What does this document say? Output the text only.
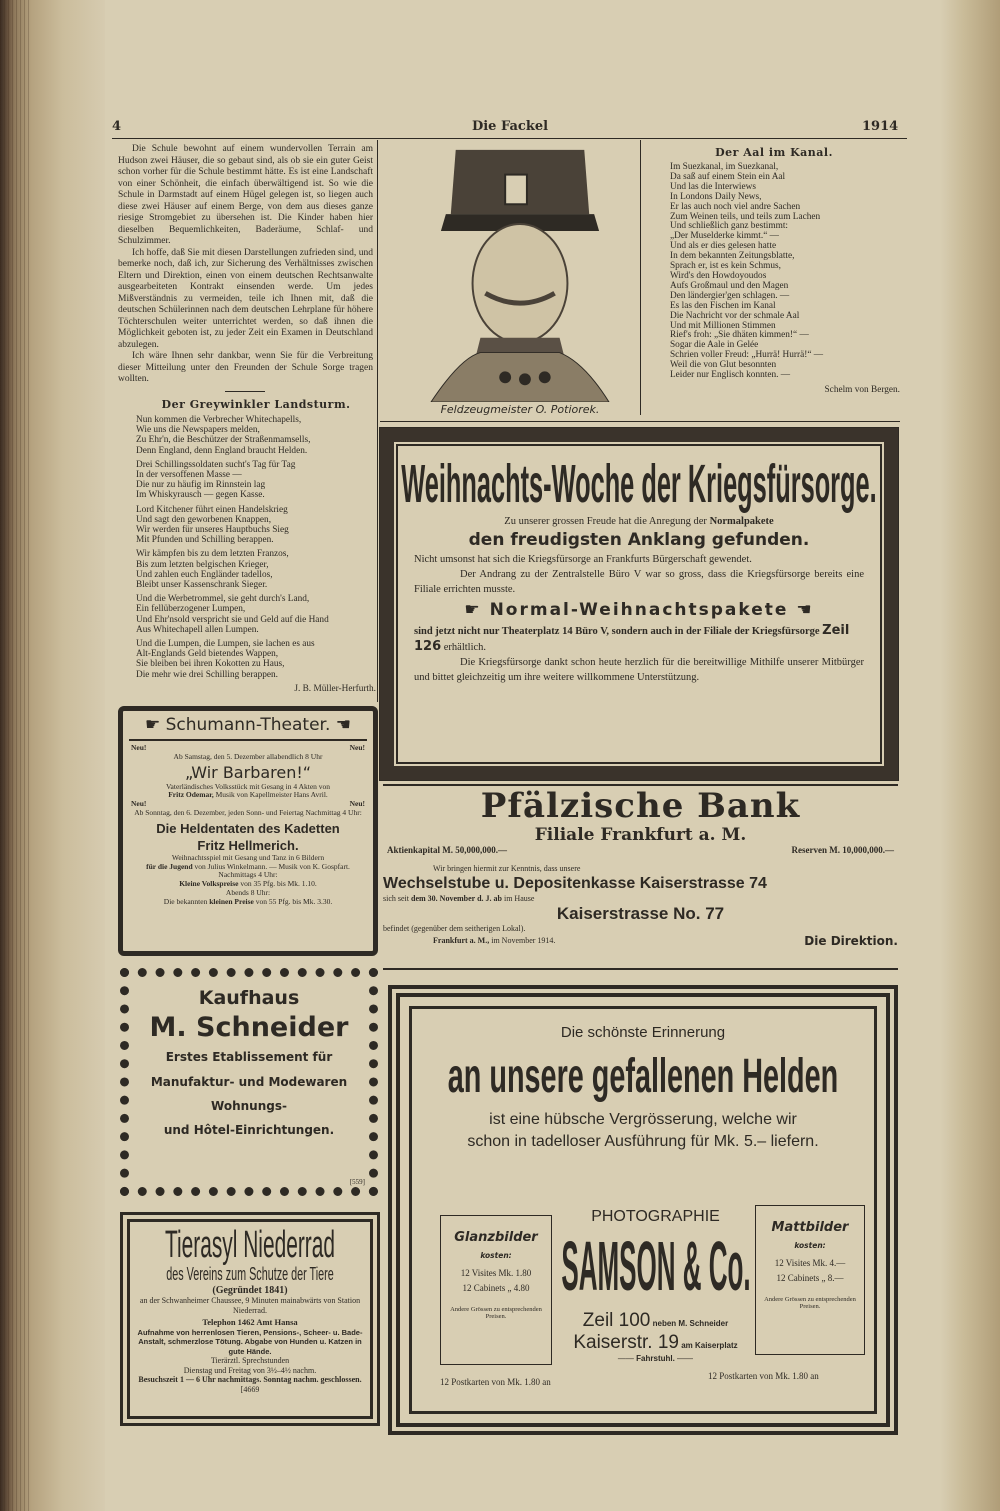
4	Die Fackel	1914

Die Schule bewohnt auf einem wundervollen Terrain am Hudson zwei Häuser, die so gebaut sind, als ob sie ein guter Geist schon vorher für die Schule bestimmt hätte. Es ist eine Landschaft von einer Schönheit, die einfach überwältigend ist. So wie die Schule in Darmstadt auf einem Hügel gelegen ist, so liegen auch diese zwei Häuser auf einem Berge, von dem aus dieses ganze riesige Stromgebiet zu übersehen ist. Die Kinder haben hier dieselben Bequemlichkeiten, Baderäume, Schlaf- und Schulzimmer.

Ich hoffe, daß Sie mit diesen Darstellungen zufrieden sind, und bemerke noch, daß ich, zur Sicherung des Verhältnisses zwischen Eltern und Direktion, einen von einem deutschen Rechtsanwalte ausgearbeiteten Kontrakt einsenden werde. Um jedes Mißverständnis zu vermeiden, teile ich Ihnen mit, daß die deutschen Schülerinnen nach dem deutschen Lehrplane für höhere Töchterschulen weiter unterrichtet werden, so daß ihnen die Möglichkeit geboten ist, zu jeder Zeit ein Examen in Deutschland abzulegen.

Ich wäre Ihnen sehr dankbar, wenn Sie für die Verbreitung dieser Mitteilung unter den Freunden der Schule Sorge tragen wollten.

Der Greywinkler Landsturm.
Nun kommen die Verbrecher Whitechapells,
Wie uns die Newspapers melden,
Zu Ehr'n, die Beschützer der Straßenmamsells,
Denn England, denn England braucht Helden.
Drei Schillingssoldaten sucht's Tag für Tag
In der versoffenen Masse —
Die nur zu häufig im Rinnstein lag
Im Whiskyrausch — gegen Kasse.
Lord Kitchener führt einen Handelskrieg
Und sagt den geworbenen Knappen,
Wir werden für unseres Hauptbuchs Sieg
Mit Pfunden und Schilling berappen.
Wir kämpfen bis zu dem letzten Franzos,
Bis zum letzten belgischen Krieger,
Und zahlen euch Engländer tadellos,
Bleibt unser Kassenschrank Sieger.
Und die Werbetrommel, sie geht durch's Land,
Ein fellüberzogener Lumpen,
Und Ehr'nsold verspricht sie und Geld auf die Hand
Aus Whitechapell allen Lumpen.
Und die Lumpen, die Lumpen, sie lachen es aus
Alt-Englands Geld bietendes Wappen,
Sie bleiben bei ihren Kokotten zu Haus,
Die mehr wie drei Schilling berappen.
J. B. Müller-Herfurth.
Feldzeugmeister O. Potiorek.
Der Aal im Kanal.
Im Suezkanal, im Suezkanal,
Da saß auf einem Stein ein Aal
Und las die Interwiews
In Londons Daily News,
Er las auch noch viel andre Sachen
Zum Weinen teils, und teils zum Lachen
Und schließlich ganz bestimmt:
„Der Muselderke kimmt.“ —
Und als er dies gelesen hatte
In dem bekannten Zeitungsblatte,
Sprach er, ist es kein Schmus,
Wird's den Howdoyoudos
Aufs Großmaul und den Magen
Den ländergier'gen schlagen. —
Es las den Fischen im Kanal
Die Nachricht vor der schmale Aal
Und mit Millionen Stimmen
Rief's froh: „Sie dhäten kimmen!“ —
Sogar die Aale in Gelée
Schrien voller Freud: „Hurrä! Hurrä!“ —
Weil die von Glut besonnten
Leider nur Englisch konnten. —
Schelm von Bergen.
Weihnachts-Woche der Kriegsfürsorge.
Zu unserer grossen Freude hat die Anregung der Normalpakete
den freudigsten Anklang gefunden.
Nicht umsonst hat sich die Kriegsfürsorge an Frankfurts Bürgerschaft gewendet.
Der Andrang zu der Zentralstelle Büro V war so gross, dass die Kriegsfürsorge bereits eine Filiale errichten musste.
☛ Normal-Weihnachtspakete ☚
sind jetzt nicht nur Theaterplatz 14 Büro V, sondern auch in der Filiale der Kriegsfürsorge Zeil 126 erhältlich.
Die Kriegsfürsorge dankt schon heute herzlich für die bereitwillige Mithilfe unserer Mitbürger und bittet gleichzeitig um ihre weitere willkommene Unterstützung.
☛ Schumann-Theater. ☚
Neu!	Neu!
Ab Samstag, den 5. Dezember allabendlich 8 Uhr
„Wir Barbaren!“
Vaterländisches Volksstück mit Gesang in 4 Akten von
Fritz Odemar, Musik von Kapellmeister Hans Avril.
Neu!	Neu!
Ab Sonntag, den 6. Dezember, jeden Sonn- und Feiertag Nachmittag 4 Uhr:
Die Heldentaten des Kadetten
Fritz Hellmerich.
Weihnachtsspiel mit Gesang und Tanz in 6 Bildern
für die Jugend von Julius Winkelmann. — Musik von K. Gospfart.
Nachmittags 4 Uhr:
Kleine Volkspreise von 35 Pfg. bis Mk. 1.10.
Abends 8 Uhr:
Die bekannten kleinen Preise von 55 Pfg. bis Mk. 3.30.
Pfälzische Bank
Filiale Frankfurt a. M.
Aktienkapital M. 50,000,000.—	Reserven M. 10,000,000.—
Wir bringen hiermit zur Kenntnis, dass unsere
Wechselstube u. Depositenkasse Kaiserstrasse 74
sich seit dem 30. November d. J. ab im Hause
Kaiserstrasse No. 77
befindet (gegenüber dem seitherigen Lokal).
Frankfurt a. M., im November 1914.	Die Direktion.
Kaufhaus
M. Schneider
Erstes Etablissement für
Manufaktur- und Modewaren
Wohnungs-
und Hôtel-Einrichtungen.
[559]
Tierasyl Niederrad
des Vereins zum Schutze der Tiere
(Gegründet 1841)
an der Schwanheimer Chaussee, 9 Minuten mainabwärts von Station Niederrad.
Telephon 1462 Amt Hansa
Aufnahme von herrenlosen Tieren, Pensions-, Scheer- u. Bade-Anstalt, schmerzlose Tötung. Abgabe von Hunden u. Katzen in gute Hände.
Tierärztl. Sprechstunden
Dienstag und Freitag von 3½–4½ nachm.
Besuchszeit 1 — 6 Uhr nachmittags. Sonntag nachm. geschlossen. [4669
Die schönste Erinnerung
an unsere gefallenen Helden
ist eine hübsche Vergrösserung, welche wir
schon in tadelloser Ausführung für Mk. 5.– liefern.
Glanzbilder
kosten:
12 Visites Mk. 1.80
12 Cabinets „ 4.80
Andere Grössen zu entsprechenden Preisen.
Mattbilder
kosten:
12 Visites Mk. 4.—
12 Cabinets „ 8.—
Andere Grössen zu entsprechenden Preisen.
PHOTOGRAPHIE
SAMSON & Co.
Zeil 100 neben M. Schneider
Kaiserstr. 19 am Kaiserplatz
—— Fahrstuhl. ——
12 Postkarten von Mk. 1.80 an
12 Postkarten von Mk. 1.80 an
